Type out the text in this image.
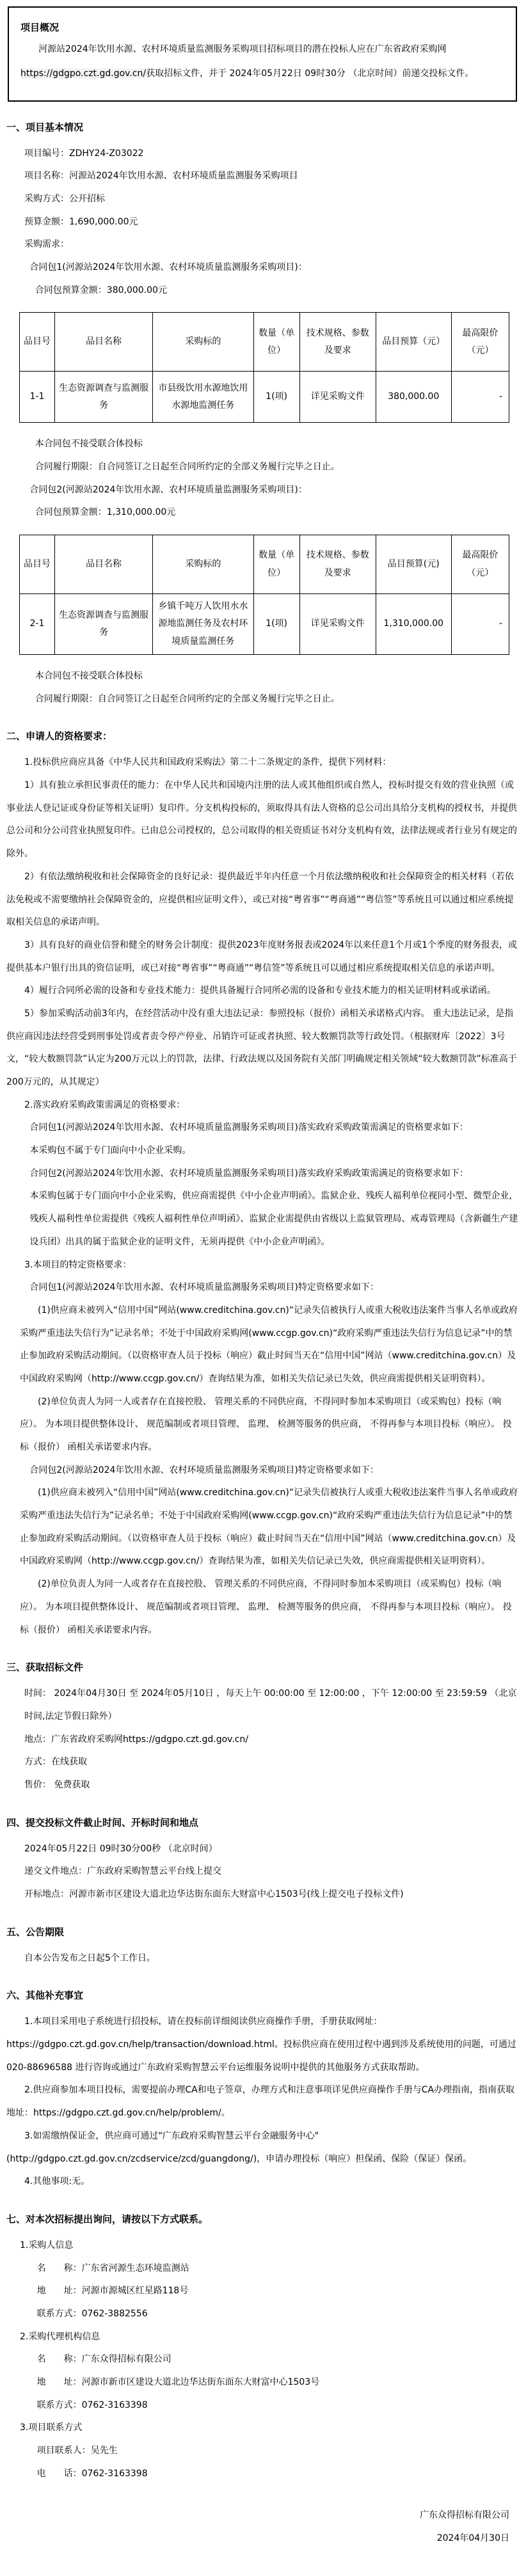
项目概况

河源站2024年饮用水源、农村环境质量监测服务采购项目招标项目的潜在投标人应在广东省政府采购网https://gdgpo.czt.gd.gov.cn/获取招标文件，并于 2024年05月22日 09时30分 （北京时间）前递交投标文件。

一、项目基本情况

项目编号：ZDHY24-Z03022

项目名称：河源站2024年饮用水源、农村环境质量监测服务采购项目

采购方式：公开招标

预算金额：1,690,000.00元

采购需求：

合同包1(河源站2024年饮用水源、农村环境质量监测服务采购项目)：

合同包预算金额：380,000.00元

品目号	品目名称	采购标的	数量（单位）	技术规格、参数及要求	品目预算（元）	最高限价（元）
1-1	生态资源调查与监测服务	市县级饮用水源地饮用水源地监测任务	1(项)	详见采购文件	380,000.00	-

本合同包不接受联合体投标

合同履行期限：自合同签订之日起至合同所约定的全部义务履行完毕之日止。

合同包2(河源站2024年饮用水源、农村环境质量监测服务采购项目)：

合同包预算金额：1,310,000.00元

品目号	品目名称	采购标的	数量（单位）	技术规格、参数及要求	品目预算(元)	最高限价（元）
2-1	生态资源调查与监测服务	乡镇千吨万人饮用水水源地监测任务及农村环境质量监测任务	1(项)	详见采购文件	1,310,000.00	-

本合同包不接受联合体投标

合同履行期限：自合同签订之日起至合同所约定的全部义务履行完毕之日止。

二、申请人的资格要求：

1.投标供应商应具备《中华人民共和国政府采购法》第二十二条规定的条件，提供下列材料：

1）具有独立承担民事责任的能力：在中华人民共和国境内注册的法人或其他组织或自然人，投标时提交有效的营业执照（或事业法人登记证或身份证等相关证明）复印件。分支机构投标的，须取得具有法人资格的总公司出具给分支机构的授权书，并提供总公司和分公司营业执照复印件。已由总公司授权的，总公司取得的相关资质证书对分支机构有效，法律法规或者行业另有规定的除外。

2）有依法缴纳税收和社会保障资金的良好记录：提供最近半年内任意一个月依法缴纳税收和社会保障资金的相关材料（若依法免税或不需要缴纳社会保障资金的，应提供相应证明文件），或已对接“粤省事”“粤商通”“粤信签”等系统且可以通过相应系统提取相关信息的承诺声明。

3）具有良好的商业信誉和健全的财务会计制度：提供2023年度财务报表或2024年以来任意1个月或1个季度的财务报表，或提供基本户银行出具的资信证明，或已对接“粤省事”“粤商通”“粤信签”等系统且可以通过相应系统提取相关信息的承诺声明。

4）履行合同所必需的设备和专业技术能力：提供具备履行合同所必需的设备和专业技术能力的相关证明材料或承诺函。

5）参加采购活动前3年内，在经营活动中没有重大违法记录：参照投标（报价）函相关承诺格式内容。 重大违法记录，是指供应商因违法经营受到刑事处罚或者责令停产停业、吊销许可证或者执照、较大数额罚款等行政处罚。（根据财库〔2022〕3号文，“较大数额罚款”认定为200万元以上的罚款，法律、行政法规以及国务院有关部门明确规定相关领域“较大数额罚款”标准高于200万元的，从其规定）

2.落实政府采购政策需满足的资格要求：

合同包1(河源站2024年饮用水源、农村环境质量监测服务采购项目)落实政府采购政策需满足的资格要求如下：

本采购包不属于专门面向中小企业采购。

合同包2(河源站2024年饮用水源、农村环境质量监测服务采购项目)落实政府采购政策需满足的资格要求如下：

本采购包属于专门面向中小企业采购，供应商需提供《中小企业声明函》。监狱企业、残疾人福利单位视同小型、微型企业，残疾人福利性单位需提供《残疾人福利性单位声明函》、监狱企业需提供由省级以上监狱管理局、戒毒管理局（含新疆生产建设兵团）出具的属于监狱企业的证明文件，无须再提供《中小企业声明函》。

3.本项目的特定资格要求：

合同包1(河源站2024年饮用水源、农村环境质量监测服务采购项目)特定资格要求如下：

(1)供应商未被列入“信用中国”网站(www.creditchina.gov.cn)“记录失信被执行人或重大税收违法案件当事人名单或政府采购严重违法失信行为”记录名单；不处于中国政府采购网(www.ccgp.gov.cn)“政府采购严重违法失信行为信息记录”中的禁止参加政府采购活动期间。（以资格审查人员于投标（响应）截止时间当天在“信用中国”网站（www.creditchina.gov.cn）及中国政府采购网（http://www.ccgp.gov.cn/）查询结果为准，如相关失信记录已失效，供应商需提供相关证明资料）。

(2)单位负责人为同一人或者存在直接控股、 管理关系的不同供应商，不得同时参加本采购项目（或采购包）投标（响应）。 为本项目提供整体设计、 规范编制或者项目管理、 监理、 检测等服务的供应商， 不得再参与本项目投标（响应）。 投标（报价） 函相关承诺要求内容。

合同包2(河源站2024年饮用水源、农村环境质量监测服务采购项目)特定资格要求如下：

(1)供应商未被列入“信用中国”网站(www.creditchina.gov.cn)“记录失信被执行人或重大税收违法案件当事人名单或政府采购严重违法失信行为”记录名单；不处于中国政府采购网(www.ccgp.gov.cn)“政府采购严重违法失信行为信息记录”中的禁止参加政府采购活动期间。（以资格审查人员于投标（响应）截止时间当天在“信用中国”网站（www.creditchina.gov.cn）及中国政府采购网（http://www.ccgp.gov.cn/）查询结果为准，如相关失信记录已失效，供应商需提供相关证明资料）。

(2)单位负责人为同一人或者存在直接控股、 管理关系的不同供应商，不得同时参加本采购项目（或采购包）投标（响应）。 为本项目提供整体设计、 规范编制或者项目管理、 监理、 检测等服务的供应商， 不得再参与本项目投标（响应）。 投标（报价） 函相关承诺要求内容。

三、获取招标文件

时间： 2024年04月30日 至 2024年05月10日 ，每天上午 00:00:00 至 12:00:00 ，下午 12:00:00 至 23:59:59 （北京时间,法定节假日除外）

地点：广东省政府采购网https://gdgpo.czt.gd.gov.cn/

方式：在线获取

售价： 免费获取

四、提交投标文件截止时间、开标时间和地点

2024年05月22日 09时30分00秒 （北京时间）

递交文件地点：广东政府采购智慧云平台线上提交

开标地点：河源市新市区建设大道北边华达街东面东大财富中心1503号(线上提交电子投标文件)

五、公告期限

自本公告发布之日起5个工作日。

六、其他补充事宜

1.本项目采用电子系统进行招投标，请在投标前详细阅读供应商操作手册，手册获取网址：https://gdgpo.czt.gd.gov.cn/help/transaction/download.html。投标供应商在使用过程中遇到涉及系统使用的问题，可通过020-88696588 进行咨询或通过广东政府采购智慧云平台运维服务说明中提供的其他服务方式获取帮助。

2.供应商参加本项目投标，需要提前办理CA和电子签章，办理方式和注意事项详见供应商操作手册与CA办理指南，指南获取地址：https://gdgpo.czt.gd.gov.cn/help/problem/。

3.如需缴纳保证金，供应商可通过"广东政府采购智慧云平台金融服务中心"(http://gdgpo.czt.gd.gov.cn/zcdservice/zcd/guangdong/)，申请办理投标（响应）担保函、保险（保证）保函。

4.其他事项:无。

七、对本次招标提出询问，请按以下方式联系。

1.采购人信息

名　　称：广东省河源生态环境监测站

地　　址：河源市源城区红星路118号

联系方式：0762-3882556

2.采购代理机构信息

名　　称：广东众得招标有限公司

地　　址：河源市新市区建设大道北边华达街东面东大财富中心1503号

联系方式：0762-3163398

3.项目联系方式

项目联系人：吴先生

电　　话：0762-3163398

广东众得招标有限公司

2024年04月30日
